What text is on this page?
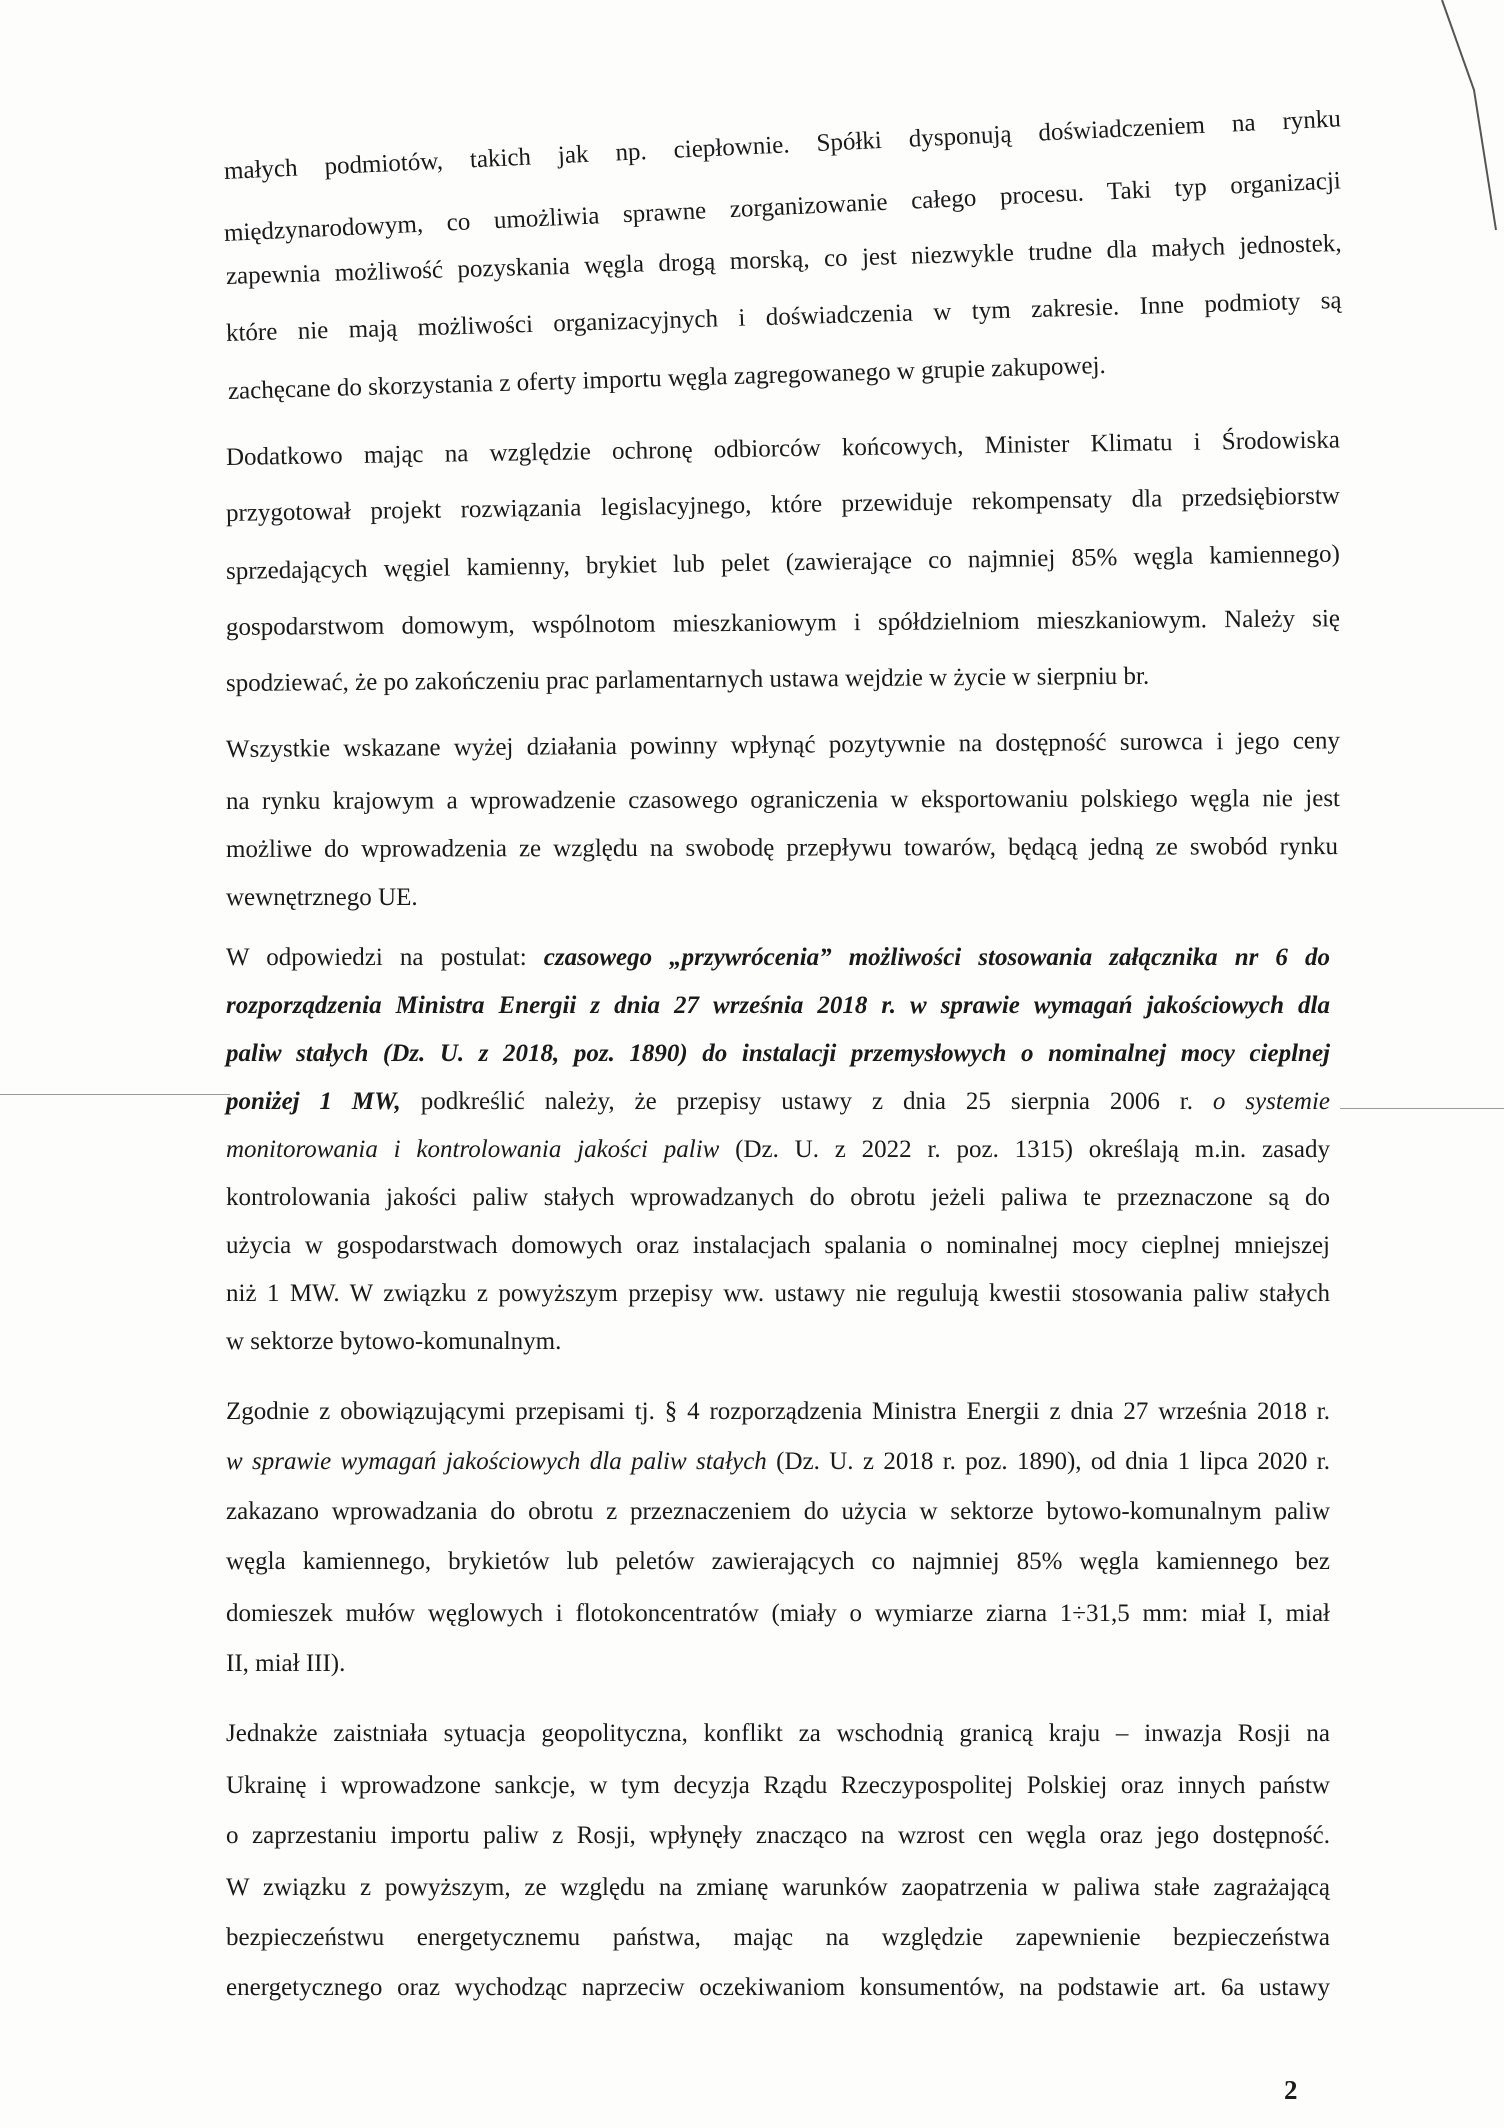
małych podmiotów, takich jak np. ciepłownie. Spółki dysponują doświadczeniem na rynku
międzynarodowym, co umożliwia sprawne zorganizowanie całego procesu. Taki typ organizacji
zapewnia możliwość pozyskania węgla drogą morską, co jest niezwykle trudne dla małych jednostek,
które nie mają możliwości organizacyjnych i doświadczenia w tym zakresie. Inne podmioty są
zachęcane do skorzystania z oferty importu węgla zagregowanego w grupie zakupowej.
Dodatkowo mając na względzie ochronę odbiorców końcowych, Minister Klimatu i Środowiska
przygotował projekt rozwiązania legislacyjnego, które przewiduje rekompensaty dla przedsiębiorstw
sprzedających węgiel kamienny, brykiet lub pelet (zawierające co najmniej 85% węgla kamiennego)
gospodarstwom domowym, wspólnotom mieszkaniowym i spółdzielniom mieszkaniowym. Należy się
spodziewać, że po zakończeniu prac parlamentarnych ustawa wejdzie w życie w sierpniu br.
Wszystkie wskazane wyżej działania powinny wpłynąć pozytywnie na dostępność surowca i jego ceny
na rynku krajowym a wprowadzenie czasowego ograniczenia w eksportowaniu polskiego węgla nie jest
możliwe do wprowadzenia ze względu na swobodę przepływu towarów, będącą jedną ze swobód rynku
wewnętrznego UE.
W odpowiedzi na postulat: czasowego „przywrócenia” możliwości stosowania załącznika nr 6 do
rozporządzenia Ministra Energii z dnia 27 września 2018 r. w sprawie wymagań jakościowych dla
paliw stałych (Dz. U. z 2018, poz. 1890) do instalacji przemysłowych o nominalnej mocy cieplnej
poniżej 1 MW, podkreślić należy, że przepisy ustawy z dnia 25 sierpnia 2006 r. o systemie
monitorowania i kontrolowania jakości paliw (Dz. U. z 2022 r. poz. 1315) określają m.in. zasady
kontrolowania jakości paliw stałych wprowadzanych do obrotu jeżeli paliwa te przeznaczone są do
użycia w gospodarstwach domowych oraz instalacjach spalania o nominalnej mocy cieplnej mniejszej
niż 1 MW. W związku z powyższym przepisy ww. ustawy nie regulują kwestii stosowania paliw stałych
w sektorze bytowo-komunalnym.
Zgodnie z obowiązującymi przepisami tj. § 4 rozporządzenia Ministra Energii z dnia 27 września 2018 r.
w sprawie wymagań jakościowych dla paliw stałych (Dz. U. z 2018 r. poz. 1890), od dnia 1 lipca 2020 r.
zakazano wprowadzania do obrotu z przeznaczeniem do użycia w sektorze bytowo-komunalnym paliw
węgla kamiennego, brykietów lub peletów zawierających co najmniej 85% węgla kamiennego bez
domieszek mułów węglowych i flotokoncentratów (miały o wymiarze ziarna 1÷31,5 mm: miał I, miał
II, miał III).
Jednakże zaistniała sytuacja geopolityczna, konflikt za wschodnią granicą kraju – inwazja Rosji na
Ukrainę i wprowadzone sankcje, w tym decyzja Rządu Rzeczypospolitej Polskiej oraz innych państw
o zaprzestaniu importu paliw z Rosji, wpłynęły znacząco na wzrost cen węgla oraz jego dostępność.
W związku z powyższym, ze względu na zmianę warunków zaopatrzenia w paliwa stałe zagrażającą
bezpieczeństwu energetycznemu państwa, mając na względzie zapewnienie bezpieczeństwa
energetycznego oraz wychodząc naprzeciw oczekiwaniom konsumentów, na podstawie art. 6a ustawy
2
